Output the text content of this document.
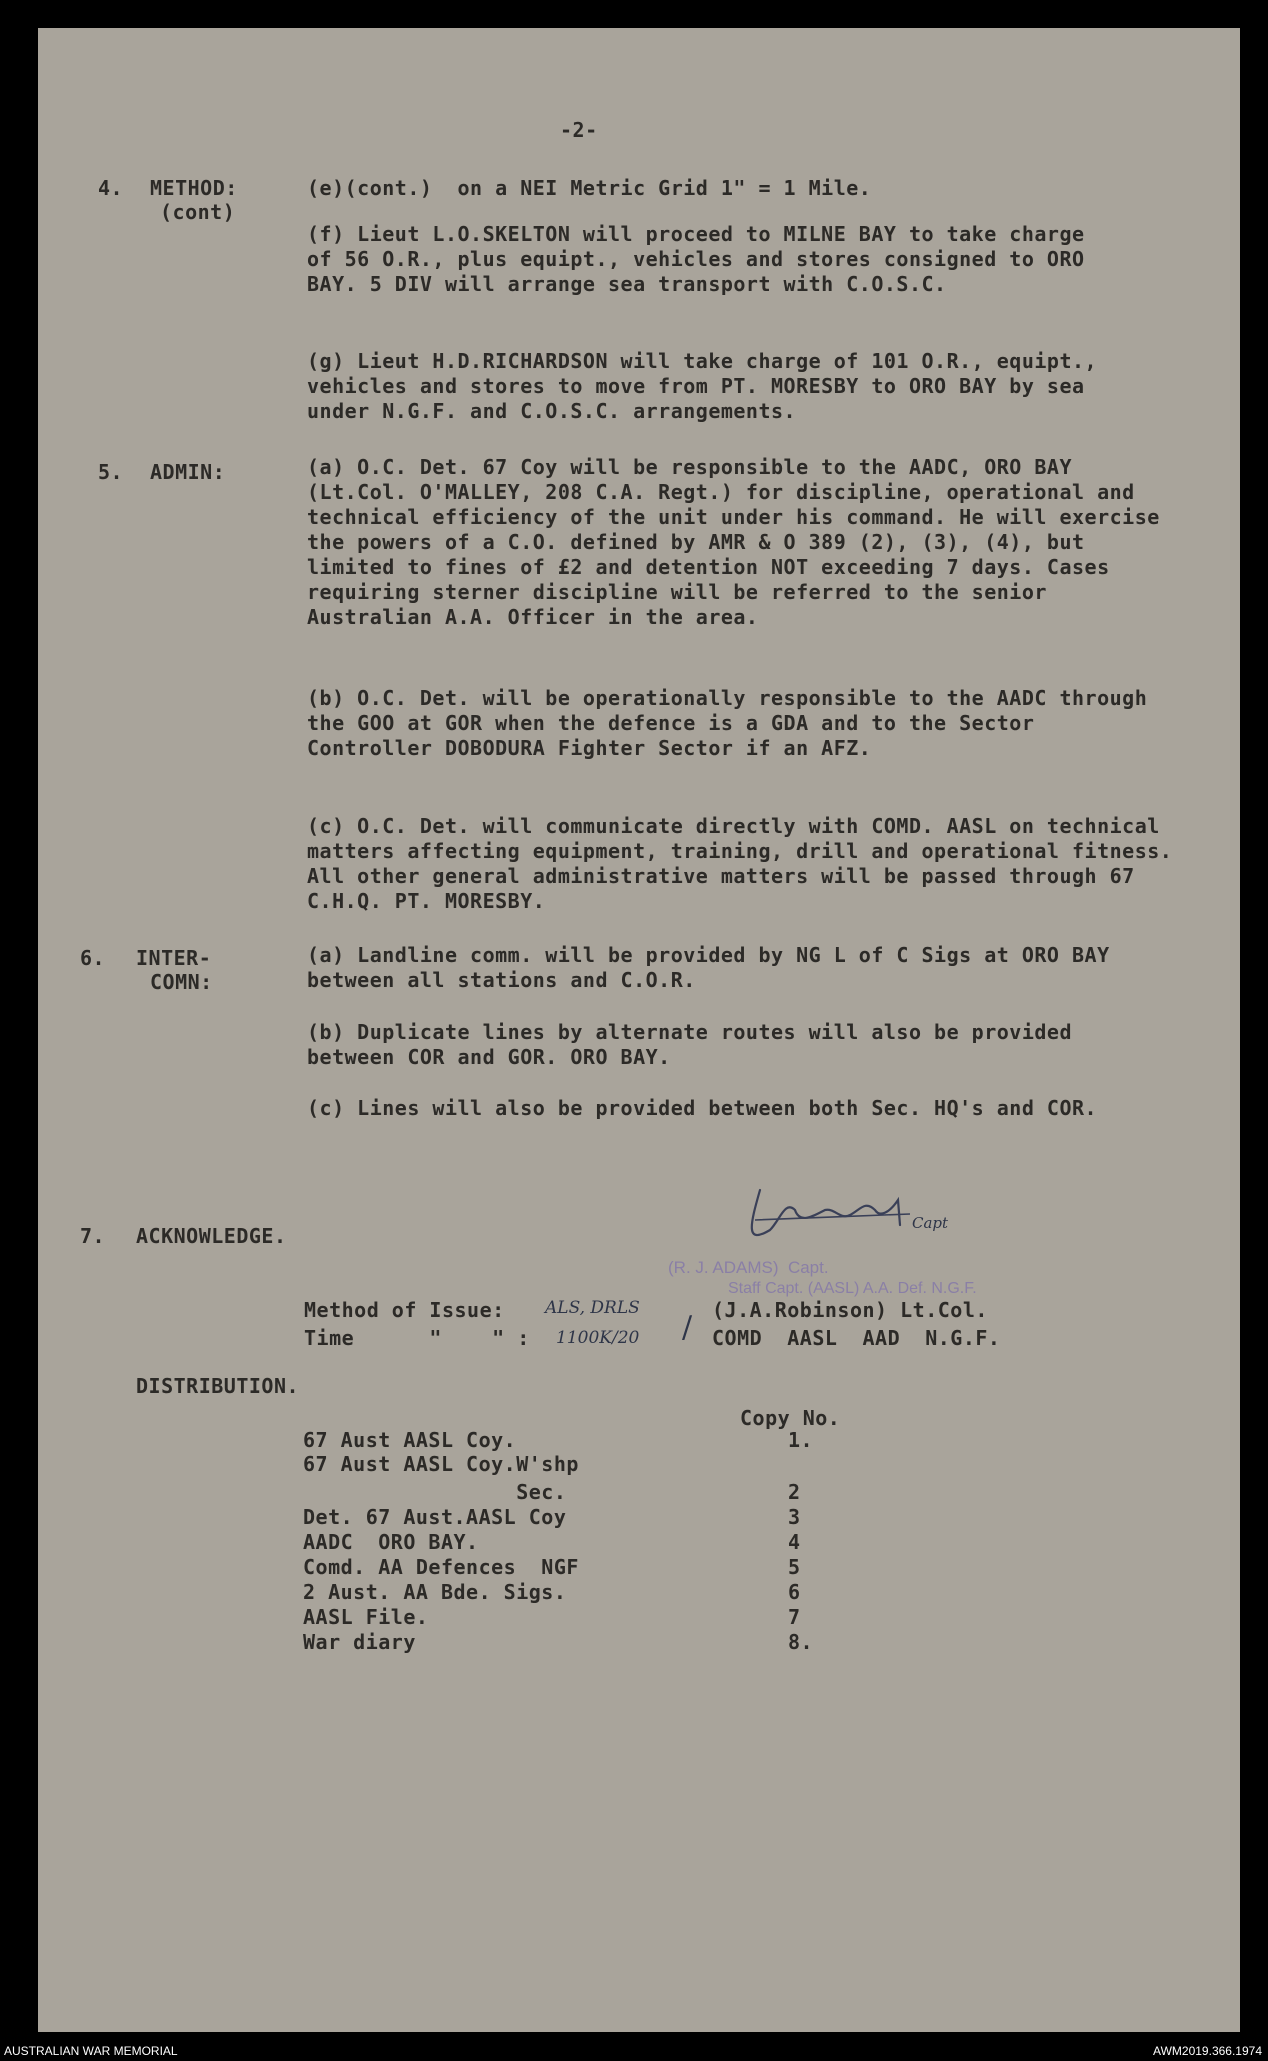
-2-
4. METHOD:
(cont)
(e)(cont.)  on a NEI Metric Grid 1" = 1 Mile.
(f) Lieut L.O.SKELTON will proceed to MILNE BAY to take charge of 56 O.R., plus equipt., vehicles and stores consigned to ORO BAY. 5 DIV will arrange sea transport with C.O.S.C.
(g) Lieut H.D.RICHARDSON will take charge of 101 O.R., equipt., vehicles and stores to move from PT. MORESBY to ORO BAY by sea under N.G.F. and C.O.S.C. arrangements.
5. ADMIN:	(a) O.C. Det. 67 Coy will be responsible to the AADC, ORO BAY (Lt.Col. O'MALLEY, 208 C.A. Regt.) for discipline, operational and technical efficiency of the unit under his command. He will exercise the powers of a C.O. defined by AMR & O 389 (2), (3), (4), but limited to fines of £2 and detention NOT exceeding 7 days. Cases requiring sterner discipline will be referred to the senior Australian A.A. Officer in the area.
(b) O.C. Det. will be operationally responsible to the AADC through the GOO at GOR when the defence is a GDA and to the Sector Controller DOBODURA Fighter Sector if an AFZ.
(c) O.C. Det. will communicate directly with COMD. AASL on technical matters affecting equipment, training, drill and operational fitness. All other general administrative matters will be passed through 67 C.H.Q. PT. MORESBY.
6. INTER-
COMN:
(a) Landline comm. will be provided by NG L of C Sigs at ORO BAY between all stations and C.O.R.
(b) Duplicate lines by alternate routes will also be provided between COR and GOR. ORO BAY.
(c) Lines will also be provided between both Sec. HQ's and COR.
7. ACKNOWLEDGE.
Capt
(R. J. ADAMS)  Capt.
Staff Capt. (AASL) A.A. Def. N.G.F.
Method of Issue: ALS, DRLS
Time      "    " : 1100K/20 / (J.A.Robinson) Lt.Col.
COMD  AASL  AAD  N.G.F.
DISTRIBUTION.
Copy No.
67 Aust AASL Coy.	1.
67 Aust AASL Coy.W'shp
Sec.	2
Det. 67 Aust.AASL Coy	3
AADC  ORO BAY.	4
Comd. AA Defences  NGF	5
2 Aust. AA Bde. Sigs.	6
AASL File.	7
War diary	8.
AUSTRALIAN WAR MEMORIAL	AWM2019.366.1974
